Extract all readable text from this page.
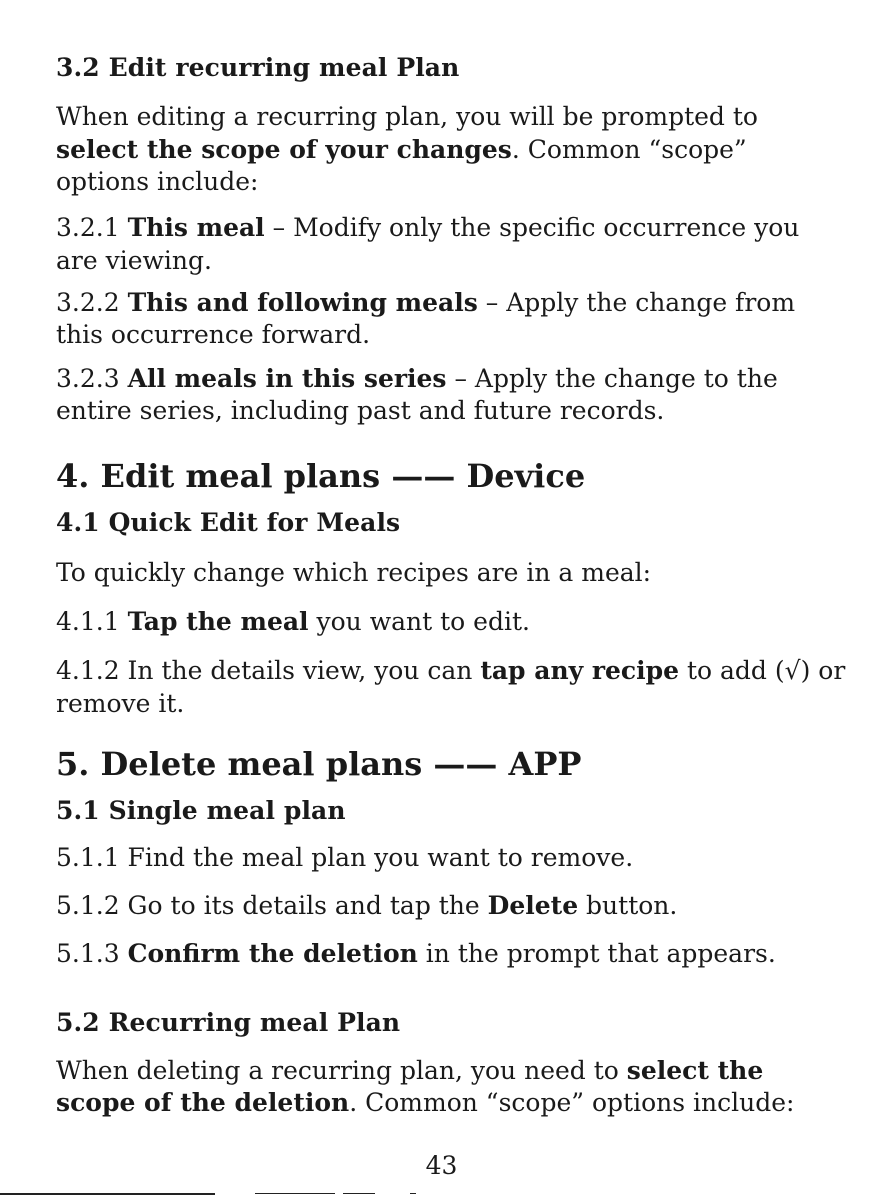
3.2 Edit recurring meal Plan
When editing a recurring plan, you will be prompted to
select the scope of your changes. Common “scope”
options include:
3.2.1 This meal – Modify only the specific occurrence you
are viewing.
3.2.2 This and following meals – Apply the change from
this occurrence forward.
3.2.3 All meals in this series – Apply the change to the
entire series, including past and future records.
4. Edit meal plans —— Device
4.1 Quick Edit for Meals
To quickly change which recipes are in a meal:
4.1.1 Tap the meal you want to edit.
4.1.2 In the details view, you can tap any recipe to add (√) or
remove it.
5. Delete meal plans —— APP
5.1 Single meal plan
5.1.1 Find the meal plan you want to remove.
5.1.2 Go to its details and tap the Delete button.
5.1.3 Confirm the deletion in the prompt that appears.
5.2 Recurring meal Plan
When deleting a recurring plan, you need to select the
scope of the deletion. Common “scope” options include:
43
